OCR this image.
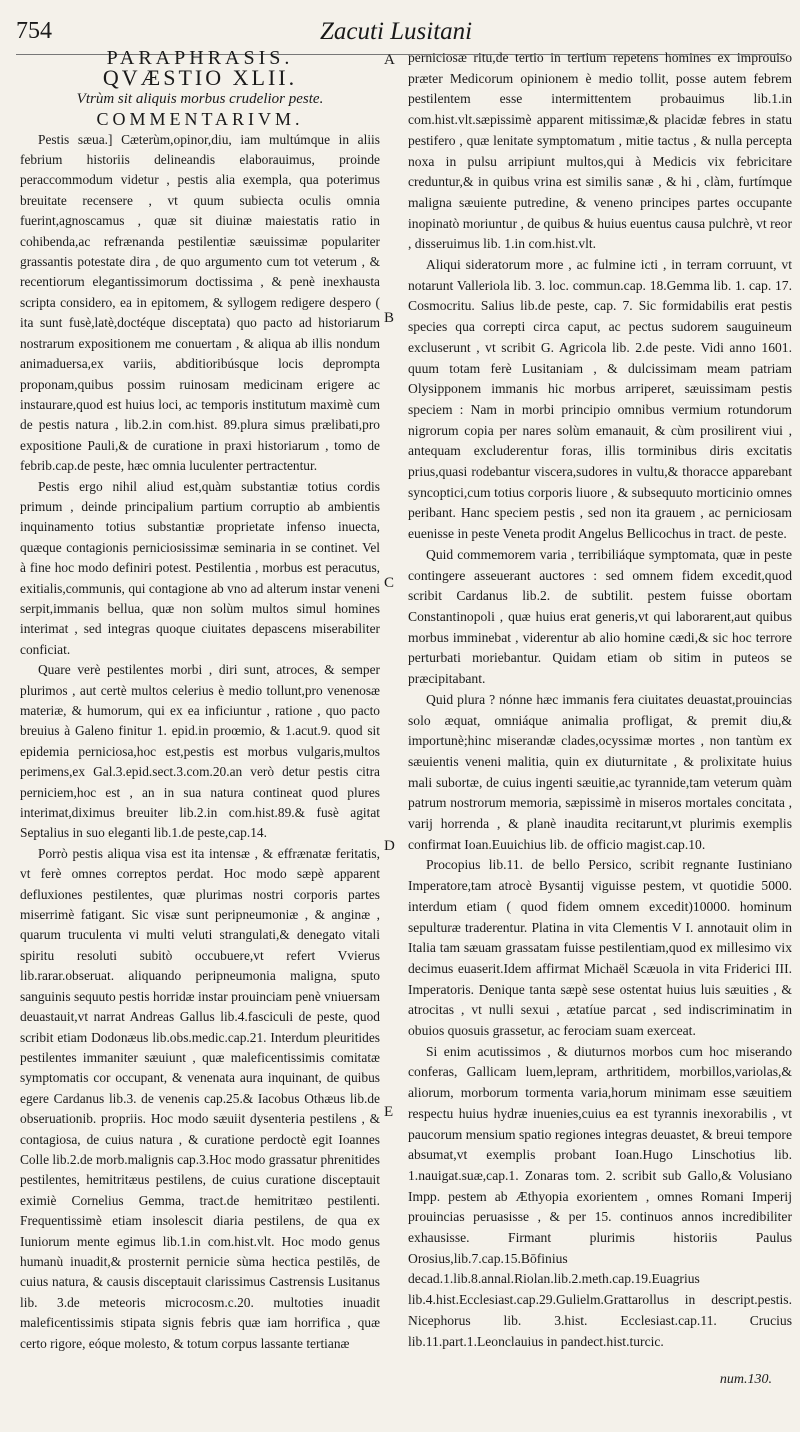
754	Zacuti Lusitani

PARAPHRASIS.

QVÆSTIO XLII.

Vtrùm sit aliquis morbus crudelior peste.

COMMENTARIVM.

Pestis sæua.] Cæterùm,opinor,diu, iam multúmque in aliis febrium historiis delineandis elaborauimus, proinde peraccommodum videtur , pestis alia exempla, qua poterimus breuitate recensere , vt quum subiecta oculis omnia fuerint,agnoscamus , quæ sit diuinæ maiestatis ratio in cohibenda,ac refrænanda pestilentiæ sæuissimæ populariter grassantis potestate dira , de quo argumento cum tot veterum , & recentiorum elegantissimorum doctissima , & penè inexhausta scripta considero, ea in epitomem, & syllogem redigere despero ( ita sunt fusè,latè,doctéque disceptata) quo pacto ad historiarum nostrarum expositionem me conuertam , & aliqua ab illis nondum animaduersa,ex variis, abditioribúsque locis deprompta proponam,quibus possim ruinosam medicinam erigere ac instaurare,quod est huius loci, ac temporis institutum maximè cum de pestis natura , lib.2.in com.hist. 89.plura simus prælibati,pro expositione Pauli,& de curatione in praxi historiarum , tomo de febrib.cap.de peste, hæc omnia luculenter pertractentur.

Pestis ergo nihil aliud est,quàm substantiæ totius cordis primum , deinde principalium partium corruptio ab ambientis inquinamento totius substantiæ proprietate infenso inuecta, quæque contagionis perniciosissimæ seminaria in se continet. Vel à fine hoc modo definiri potest. Pestilentia , morbus est peracutus, exitialis,communis, qui contagione ab vno ad alterum instar veneni serpit,immanis bellua, quæ non solùm multos simul homines interimat , sed integras quoque ciuitates depascens miserabiliter conficiat.

Quare verè pestilentes morbi , diri sunt, atroces, & semper plurimos , aut certè multos celerius è medio tollunt,pro venenosæ materiæ, & humorum, qui ex ea inficiuntur , ratione , quo pacto breuius à Galeno finitur 1. epid.in proœmio, & 1.acut.9. quod sit epidemia perniciosa,hoc est,pestis est morbus vulgaris,multos perimens,ex Gal.3.epid.sect.3.com.20.an verò detur pestis citra perniciem,hoc est , an in sua natura contineat quod plures interimat,diximus breuiter lib.2.in com.hist.89.& fusè agitat Septalius in suo eleganti lib.1.de peste,cap.14.

Porrò pestis aliqua visa est ita intensæ , & effrænatæ feritatis, vt ferè omnes correptos perdat. Hoc modo sæpè apparent defluxiones pestilentes, quæ plurimas nostri corporis partes miserrimè fatigant. Sic visæ sunt peripneumoniæ , & anginæ , quarum truculenta vi multi veluti strangulati,& denegato vitali spiritu resoluti subitò occubuere,vt refert Vvierus lib.rarar.obseruat. aliquando peripneumonia maligna, sputo sanguinis sequuto pestis horridæ instar prouinciam penè vniuersam deuastauit,vt narrat Andreas Gallus lib.4.fasciculi de peste, quod scribit etiam Dodonæus lib.obs.medic.cap.21. Interdum pleuritides pestilentes immaniter sæuiunt , quæ maleficentissimis comitatæ symptomatis cor occupant, & venenata aura inquinant, de quibus egere Cardanus lib.3. de venenis cap.25.& Iacobus Othæus lib.de obseruationib. propriis. Hoc modo sæuiit dysenteria pestilens , & contagiosa, de cuius natura , & curatione perdoctè egit Ioannes Colle lib.2.de morb.malignis cap.3.Hoc modo grassatur phrenitides pestilentes, hemitritæus pestilens, de cuius curatione disceptauit eximiè Cornelius Gemma, tract.de hemitritæo pestilenti. Frequentissimè etiam insolescit diaria pestilens, de qua ex Iuniorum mente egimus lib.1.in com.hist.vlt. Hoc modo genus humanù inuadit,& prosternit pernicie sùma hectica pestilēs, de cuius natura, & causis disceptauit clarissimus Castrensis Lusitanus lib. 3.de meteoris microcosm.c.20. multoties inuadit maleficentissimis stipata signis febris quæ iam horrifica , quæ certo rigore, eóque molesto, & totum corpus lassante tertianæ

A
B
C
D
E

perniciosæ ritu,de tertio in tertium repetens homines ex improuiso præter Medicorum opinionem è medio tollit, posse autem febrem pestilentem esse intermittentem probauimus lib.1.in com.hist.vlt.sæpissimè apparent mitissimæ,& placidæ febres in statu pestifero , quæ lenitate symptomatum , mitie tactus , & nulla percepta noxa in pulsu arripiunt multos,qui à Medicis vix febricitare creduntur,& in quibus vrina est similis sanæ , & hi , clàm, furtímque maligna sæuiente putredine, & veneno principes partes occupante inopinatò moriuntur , de quibus & huius euentus causa pulchrè, vt reor , disseruimus lib. 1.in com.hist.vlt.

Aliqui sideratorum more , ac fulmine icti , in terram corruunt, vt notarunt Valleriola lib. 3. loc. commun.cap. 18.Gemma lib. 1. cap. 17. Cosmocritu. Salius lib.de peste, cap. 7. Sic formidabilis erat pestis species qua correpti circa caput, ac pectus sudorem sauguineum excluserunt , vt scribit G. Agricola lib. 2.de peste. Vidi anno 1601. quum totam ferè Lusitaniam , & dulcissimam meam patriam Olysipponem immanis hic morbus arriperet, sæuissimam pestis speciem : Nam in morbi principio omnibus vermium rotundorum nigrorum copia per nares solùm emanauit, & cùm prosilirent viui , antequam excluderentur foras, illis torminibus diris excitatis prius,quasi rodebantur viscera,sudores in vultu,& thoracce apparebant syncoptici,cum totius corporis liuore , & subsequuto morticinio omnes peribant. Hanc speciem pestis , sed non ita grauem , ac perniciosam euenisse in peste Veneta prodit Angelus Bellicochus in tract. de peste.

Quid commemorem varia , terribiliáque symptomata, quæ in peste contingere asseuerant auctores : sed omnem fidem excedit,quod scribit Cardanus lib.2. de subtilit. pestem fuisse obortam Constantinopoli , quæ huius erat generis,vt qui laborarent,aut quibus morbus imminebat , viderentur ab alio homine cædi,& sic hoc terrore perturbati moriebantur. Quidam etiam ob sitim in puteos se præcipitabant.

Quid plura ? nónne hæc immanis fera ciuitates deuastat,prouincias solo æquat, omniáque animalia profligat, & premit diu,& importunè;hinc miserandæ clades,ocyssimæ mortes , non tantùm ex sæuientis veneni malitia, quin ex diuturnitate , & prolixitate huius mali subortæ, de cuius ingenti sæuitie,ac tyrannide,tam veterum quàm patrum nostrorum memoria, sæpissimè in miseros mortales concitata , varij horrenda , & planè inaudita recitarunt,vt plurimis exemplis confirmat Ioan.Euuichius lib. de officio magist.cap.10.

Procopius lib.11. de bello Persico, scribit regnante Iustiniano Imperatore,tam atrocè Bysantij viguisse pestem, vt quotidie 5000. interdum etiam ( quod fidem omnem excedit)10000. hominum sepulturæ traderentur. Platina in vita Clementis V I. annotauit olim in Italia tam sæuam grassatam fuisse pestilentiam,quod ex millesimo vix decimus euaserit.Idem affirmat Michaël Scæuola in vita Friderici III. Imperatoris. Denique tanta sæpè sese ostentat huius luis sæuities , & atrocitas , vt nulli sexui , ætatíue parcat , sed indiscriminatim in obuios quosuis grassetur, ac ferociam suam exerceat.

Si enim acutissimos , & diuturnos morbos cum hoc miserando conferas, Gallicam luem,lepram, arthritidem, morbillos,variolas,& aliorum, morborum tormenta varia,horum minimam esse sæuitiem respectu huius hydræ inuenies,cuius ea est tyrannis inexorabilis , vt paucorum mensium spatio regiones integras deuastet, & breui tempore absumat,vt exemplis probant Ioan.Hugo Linschotius lib. 1.nauigat.suæ,cap.1. Zonaras tom. 2. scribit sub Gallo,& Volusiano Impp. pestem ab Æthyopia exorientem , omnes Romani Imperij prouincias peruasisse , & per 15. continuos annos incredibiliter exhausisse. Firmant plurimis historiis Paulus Orosius,lib.7.cap.15.Bōfinius decad.1.lib.8.annal.Riolan.lib.2.meth.cap.19.Euagrius lib.4.hist.Ecclesiast.cap.29.Gulielm.Grattarollus in descript.pestis. Nicephorus lib. 3.hist. Ecclesiast.cap.11. Crucius lib.11.part.1.Leonclauius in pandect.hist.turcic.

num.130.
